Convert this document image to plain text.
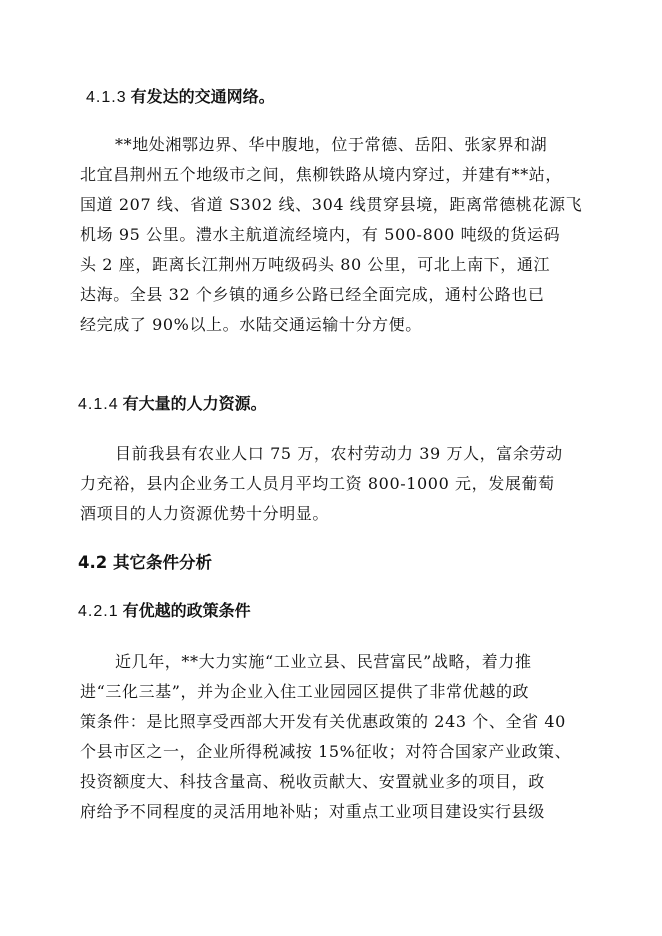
4.1.3 有发达的交通网络。
**地处湘鄂边界、华中腹地，位于常德、岳阳、张家界和湖
北宜昌荆州五个地级市之间，焦柳铁路从境内穿过，并建有**站，
国道 207 线、省道 S302 线、304 线贯穿县境，距离常德桃花源飞
机场 95 公里。澧水主航道流经境内，有 500-800 吨级的货运码
头 2 座，距离长江荆州万吨级码头 80 公里，可北上南下，通江
达海。全县 32 个乡镇的通乡公路已经全面完成，通村公路也已
经完成了 90%以上。水陆交通运输十分方便。
4.1.4 有大量的人力资源。
目前我县有农业人口 75 万，农村劳动力 39 万人，富余劳动
力充裕，县内企业务工人员月平均工资 800-1000 元，发展葡萄
酒项目的人力资源优势十分明显。
4.2 其它条件分析
4.2.1 有优越的政策条件
近几年，**大力实施“工业立县、民营富民”战略，着力推
进“三化三基”，并为企业入住工业园园区提供了非常优越的政
策条件：是比照享受西部大开发有关优惠政策的 243 个、全省 40
个县市区之一，企业所得税减按 15%征收；对符合国家产业政策、
投资额度大、科技含量高、税收贡献大、安置就业多的项目，政
府给予不同程度的灵活用地补贴；对重点工业项目建设实行县级
